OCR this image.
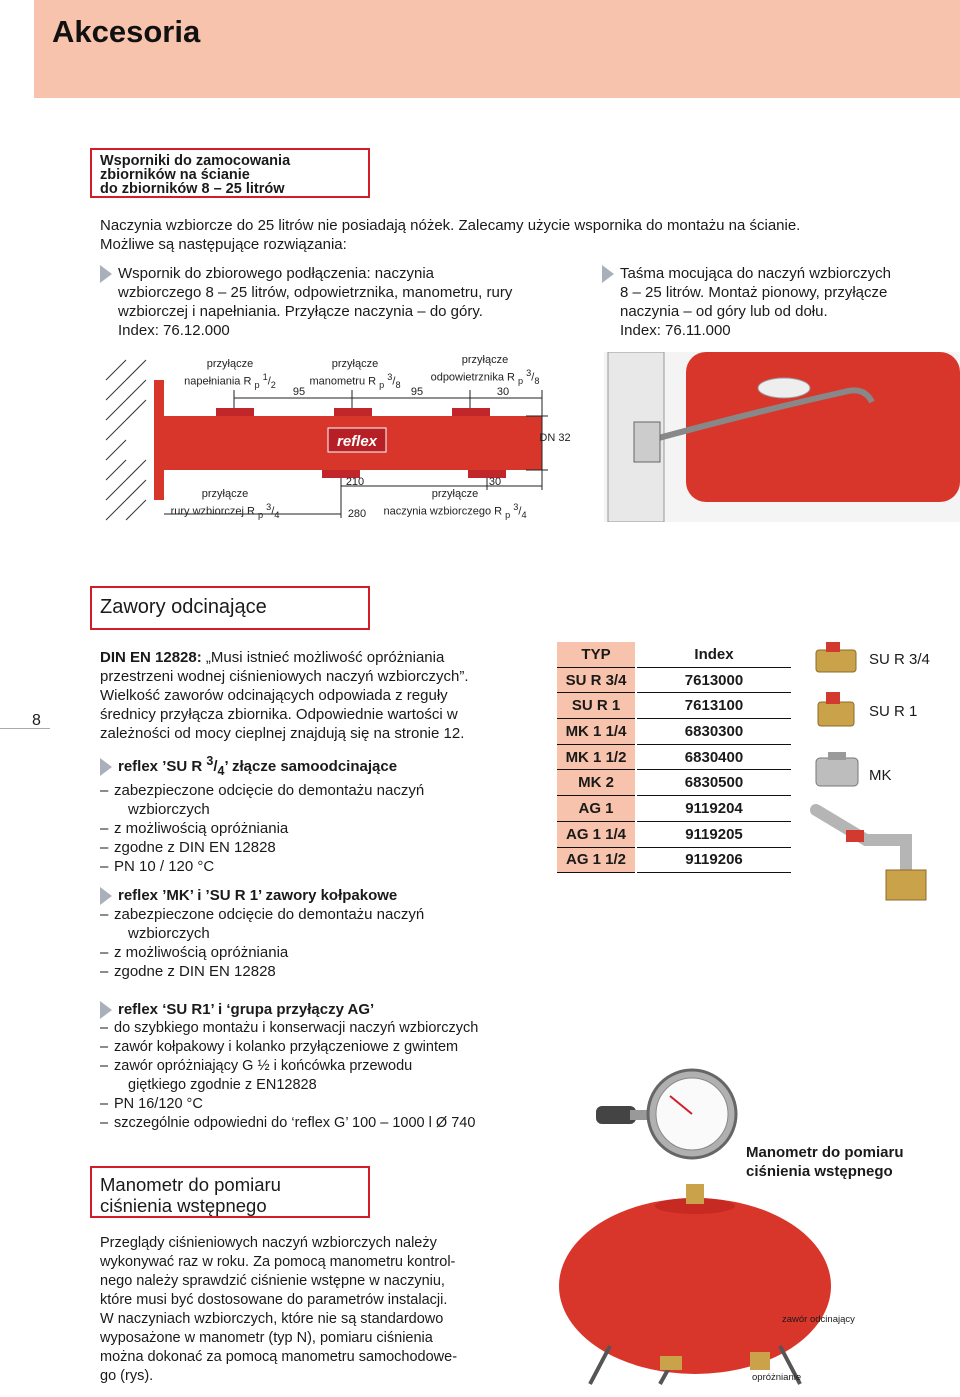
Akcesoria
8
Wsporniki do zamocowania
zbiorników na ścianie
do zbiorników 8 – 25 litrów
Naczynia wzbiorcze do 25 litrów nie posiadają nóżek. Zalecamy użycie wspornika do montażu na ścianie.
Możliwe są następujące rozwiązania:
Wspornik do zbiorowego podłączenia: naczynia
wzbiorczego 8 – 25 litrów, odpowietrznika, manometru, rury
wzbiorczej i napełniania. Przyłącze naczynia – do góry.
Index: 76.12.000
Taśma mocująca do naczyń wzbiorczych
8 – 25 litrów. Montaż pionowy, przyłącze
naczynia – od góry lub od dołu.
Index: 76.11.000
reflex
przyłącze
napełniania R $_p$ $^1/_2$
przyłącze
manometru R $_p$ $^3/_8$
przyłącze
odpowietrznika R $_p$ $^3/_8$
95	95	30
DN 32
210	30
280
przyłącze
rury wzbiorczej R $_p$ $^3/_4$
przyłącze
naczynia wzbiorczego R $_p$ $^3/_4$
Zawory odcinające
DIN EN 12828: „Musi istnieć możliwość opróżniania
przestrzeni wodnej ciśnieniowych naczyń wzbiorczych”.
Wielkość zaworów odcinających odpowiada z reguły
średnicy przyłącza zbiornika. Odpowiednie wartości w
zależności od mocy cieplnej znajdują się na stronie 12.
reflex ’SU R $^3/_4$’ złącze samoodcinające
– zabezpieczone odcięcie do demontażu naczyń
wzbiorczych
– z możliwością opróżniania
– zgodne z DIN EN 12828
– PN 10 / 120 °C
reflex ’MK’ i ’SU R 1’ zawory kołpakowe
– zabezpieczone odcięcie do demontażu naczyń
wzbiorczych
– z możliwością opróżniania
– zgodne z DIN EN 12828
reflex ‘SU R1’ i ‘grupa przyłączy AG’
– do szybkiego montażu i konserwacji naczyń wzbiorczych
– zawór kołpakowy i kolanko przyłączeniowe z gwintem
– zawór opróżniający G ½ i końcówka przewodu
giętkiego zgodnie z EN12828
– PN 16/120 °C
– szczególnie odpowiedni do ‘reflex G’ 100 – 1000 l Ø 740
TYP	Index
SU R 3/4	7613000
SU R 1	7613100
MK 1 1/4	6830300
MK 1 1/2	6830400
MK 2	6830500
AG 1	9119204
AG 1 1/4	9119205
AG 1 1/2	9119206
SU R 3/4
SU R 1
MK
Manometr do pomiaru
ciśnienia wstępnego
Przeglądy ciśnieniowych naczyń wzbiorczych należy
wykonywać raz w roku. Za pomocą manometru kontrol-
nego należy sprawdzić ciśnienie wstępne w naczyniu,
które musi być dostosowane do parametrów instalacji.
W naczyniach wzbiorczych, które nie są standardowo
wyposażone w manometr (typ N), pomiaru ciśnienia
można dokonać za pomocą manometru samochodowe-
go (rys).
Manometr do pomiaru
ciśnienia wstępnego
zawór odcinający
opróżnianie
